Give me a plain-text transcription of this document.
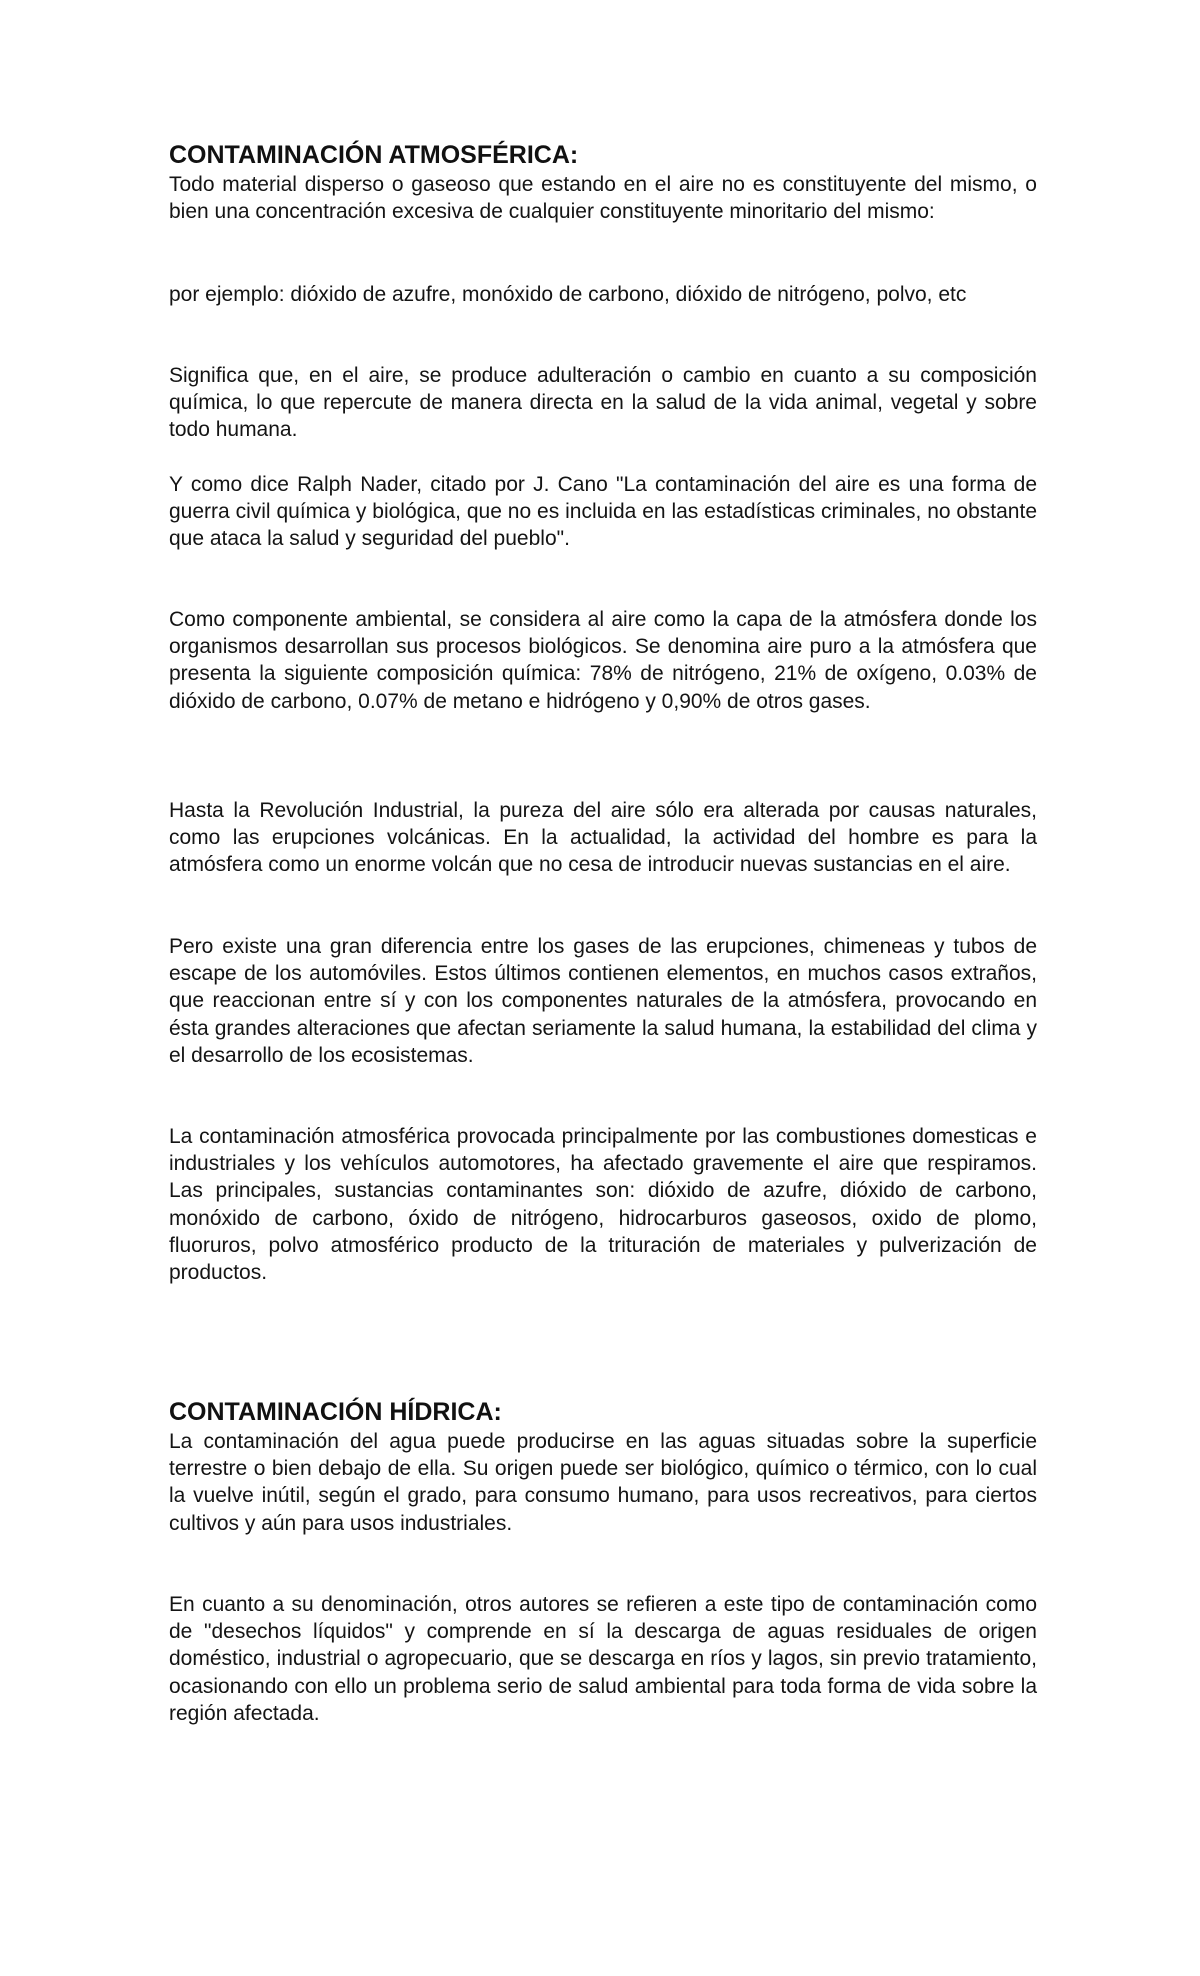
CONTAMINACIÓN ATMOSFÉRICA:

Todo material disperso o gaseoso que estando en el aire no es constituyente del mismo, o bien una concentración excesiva de cualquier constituyente minoritario del mismo:

por ejemplo: dióxido de azufre, monóxido de carbono, dióxido de nitrógeno, polvo, etc

Significa que, en el aire, se produce adulteración o cambio en cuanto a su composición química, lo que repercute de manera directa en la salud de la vida animal, vegetal y sobre todo humana.

Y como dice Ralph Nader, citado por J. Cano "La contaminación del aire es una forma de guerra civil química y biológica, que no es incluida en las estadísticas criminales, no obstante que ataca la salud y seguridad del pueblo".

Como componente ambiental, se considera al aire como la capa de la atmósfera donde los organismos desarrollan sus procesos biológicos. Se denomina aire puro a la atmósfera que presenta la siguiente composición química: 78% de nitrógeno, 21% de oxígeno, 0.03% de dióxido de carbono, 0.07% de metano e hidrógeno y 0,90% de otros gases.

Hasta la Revolución Industrial, la pureza del aire sólo era alterada por causas naturales, como las erupciones volcánicas. En la actualidad, la actividad del hombre es para la atmósfera como un enorme volcán que no cesa de introducir nuevas sustancias en el aire.

Pero existe una gran diferencia entre los gases de las erupciones, chimeneas y tubos de escape de los automóviles. Estos últimos contienen elementos, en muchos casos extraños, que reaccionan entre sí y con los componentes naturales de la atmósfera, provocando en ésta grandes alteraciones que afectan seriamente la salud humana, la estabilidad del clima y el desarrollo de los ecosistemas.

La contaminación atmosférica provocada principalmente por las combustiones domesticas e industriales y los vehículos automotores, ha afectado gravemente el aire que respiramos. Las principales, sustancias contaminantes son: dióxido de azufre, dióxido de carbono, monóxido de carbono, óxido de nitrógeno, hidrocarburos gaseosos, oxido de plomo, fluoruros, polvo atmosférico producto de la trituración de materiales y pulverización de productos.

CONTAMINACIÓN HÍDRICA:

La contaminación del agua puede producirse en las aguas situadas sobre la superficie terrestre o bien debajo de ella. Su origen puede ser biológico, químico o térmico, con lo cual la vuelve inútil, según el grado, para consumo humano, para usos recreativos, para ciertos cultivos y aún para usos industriales.

En cuanto a su denominación, otros autores se refieren a este tipo de contaminación como de "desechos líquidos" y comprende en sí la descarga de aguas residuales de origen doméstico, industrial o agropecuario, que se descarga en ríos y lagos, sin previo tratamiento, ocasionando con ello un problema serio de salud ambiental para toda forma de vida sobre la región afectada.
